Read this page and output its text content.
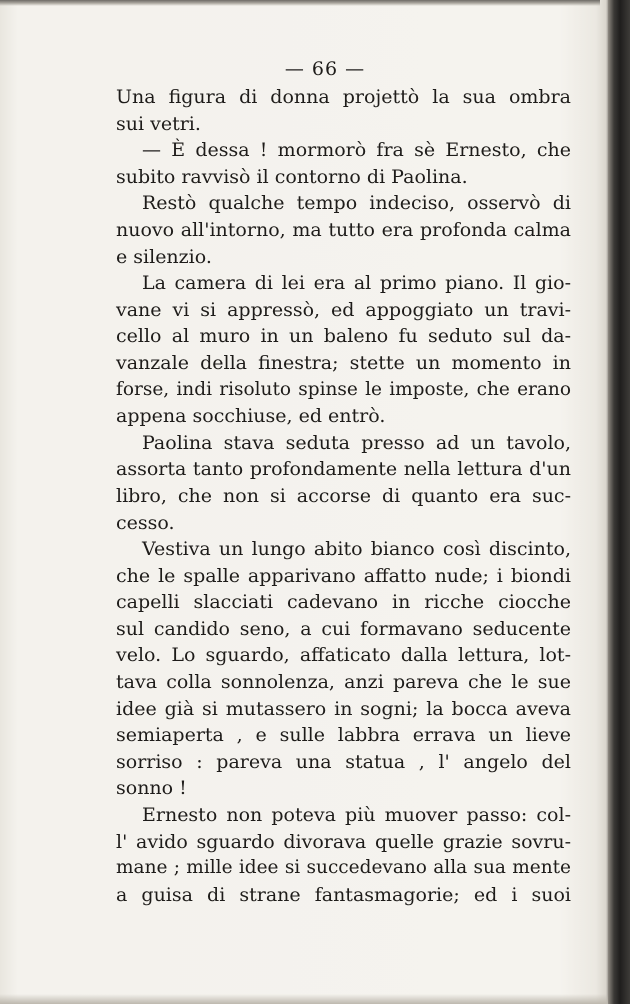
— 66 —
Una figura di donna projettò la sua ombra
sui vetri.
— È dessa ! mormorò fra sè Ernesto, che
subito ravvisò il contorno di Paolina.
Restò qualche tempo indeciso, osservò di
nuovo all'intorno, ma tutto era profonda calma
e silenzio.
La camera di lei era al primo piano. Il gio-
vane vi si appressò, ed appoggiato un travi-
cello al muro in un baleno fu seduto sul da-
vanzale della finestra; stette un momento in
forse, indi risoluto spinse le imposte, che erano
appena socchiuse, ed entrò.
Paolina stava seduta presso ad un tavolo,
assorta tanto profondamente nella lettura d'un
libro, che non si accorse di quanto era suc-
cesso.
Vestiva un lungo abito bianco così discinto,
che le spalle apparivano affatto nude; i biondi
capelli slacciati cadevano in ricche ciocche
sul candido seno, a cui formavano seducente
velo. Lo sguardo, affaticato dalla lettura, lot-
tava colla sonnolenza, anzi pareva che le sue
idee già si mutassero in sogni; la bocca aveva
semiaperta , e sulle labbra errava un lieve
sorriso : pareva una statua , l' angelo del
sonno !
Ernesto non poteva più muover passo: col-
l' avido sguardo divorava quelle grazie sovru-
mane ; mille idee si succedevano alla sua mente
a guisa di strane fantasmagorie; ed i suoi
